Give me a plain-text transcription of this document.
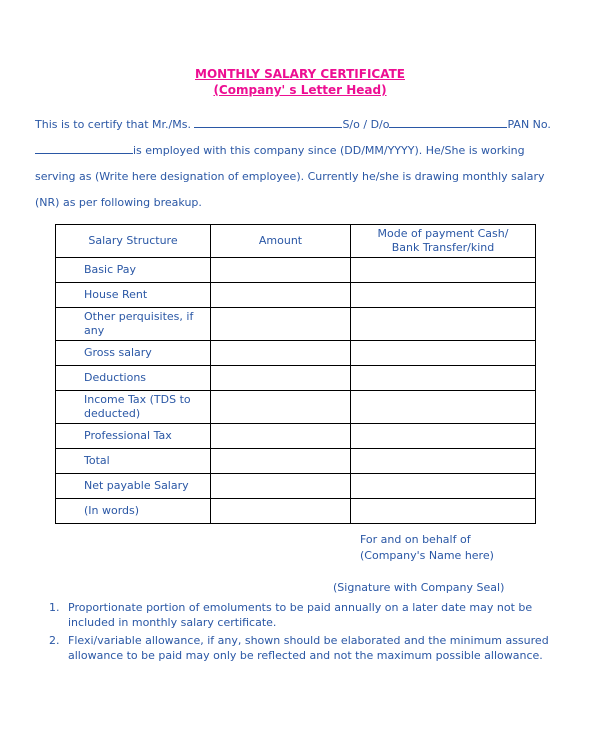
MONTHLY SALARY CERTIFICATE
(Company' s Letter Head)
This is to certify that Mr./Ms.	S/o / D/o	PAN No.
is employed with this company since (DD/MM/YYYY). He/She is working serving as (Write here designation of employee). Currently he/she is drawing monthly salary (NR) as per following breakup.
Salary Structure	Amount	Mode of payment Cash/
Bank Transfer/kind

Basic Pay		
House Rent		
Other perquisites, if any		
Gross salary		
Deductions		
Income Tax (TDS to deducted)		
Professional Tax		
Total		
Net payable Salary		
(In words)		
For and on behalf of
(Company's Name here)
(Signature with Company Seal)
1. Proportionate portion of emoluments to be paid annually on a later date may not be included in monthly salary certificate.
2. Flexi/variable allowance, if any, shown should be elaborated and the minimum assured allowance to be paid may only be reflected and not the maximum possible allowance.
